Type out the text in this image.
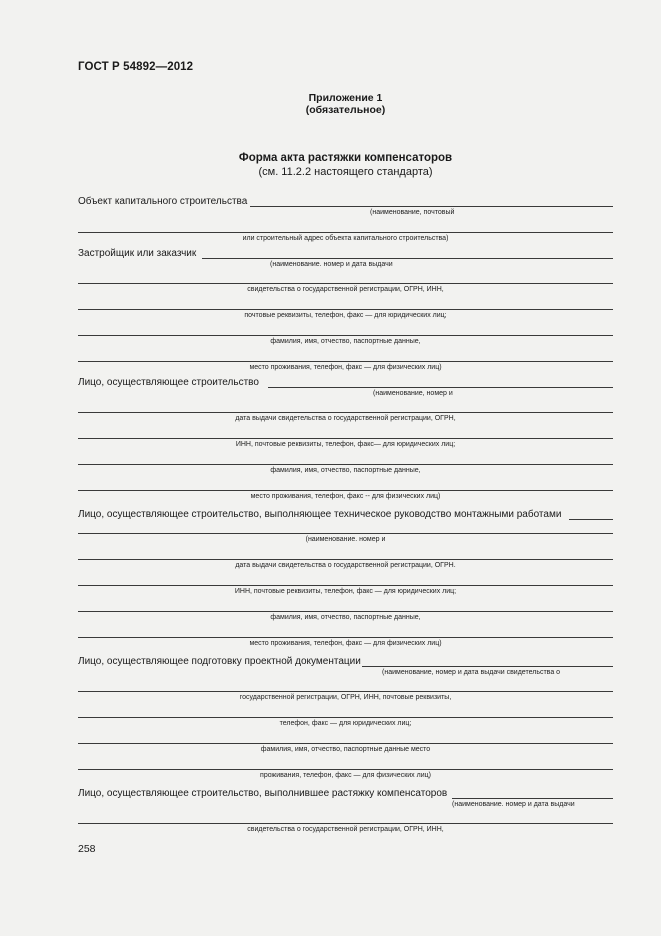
ГОСТ Р 54892—2012
Приложение 1
(обязательное)
Форма акта растяжки компенсаторов
(см. 11.2.2 настоящего стандарта)
Объект капитального строительства
(наименование, почтовый
или строительный адрес объекта капитального строительства)
Застройщик или заказчик
(наименование. номер и дата выдачи
свидетельства о государственной регистрации, ОГРН, ИНН,
почтовые реквизиты, телефон, факс — для юридических лиц;
фамилия, имя, отчество, паспортные данные,
место проживания, телефон, факс — для физических лиц)
Лицо, осуществляющее строительство
(наименование, номер и
дата выдачи свидетельства о государственной регистрации, ОГРН,
ИНН, почтовые реквизиты, телефон, факс— для юридических лиц;
фамилия, имя, отчество, паспортные данные,
место проживания, телефон, факс -- для физических лиц)
Лицо, осуществляющее строительство, выполняющее техническое руководство монтажными работами
(наименование. номер и
дата выдачи свидетельства о государственной регистрации, ОГРН.
ИНН, почтовые реквизиты, телефон, факс — для юридических лиц;
фамилия, имя, отчество, паспортные данные,
место проживания, телефон, факс — для физических лиц)
Лицо, осуществляющее подготовку проектной документации
(наименование, номер и дата выдачи свидетельства о
государственной регистрации, ОГРН, ИНН, почтовые реквизиты,
телефон, факс — для юридических лиц;
фамилия, имя, отчество, паспортные данные место
проживания, телефон, факс — для физических лиц)
Лицо, осуществляющее строительство, выполнившее растяжку компенсаторов
(наименование. номер и дата выдачи
свидетельства о государственной регистрации, ОГРН, ИНН,
258
